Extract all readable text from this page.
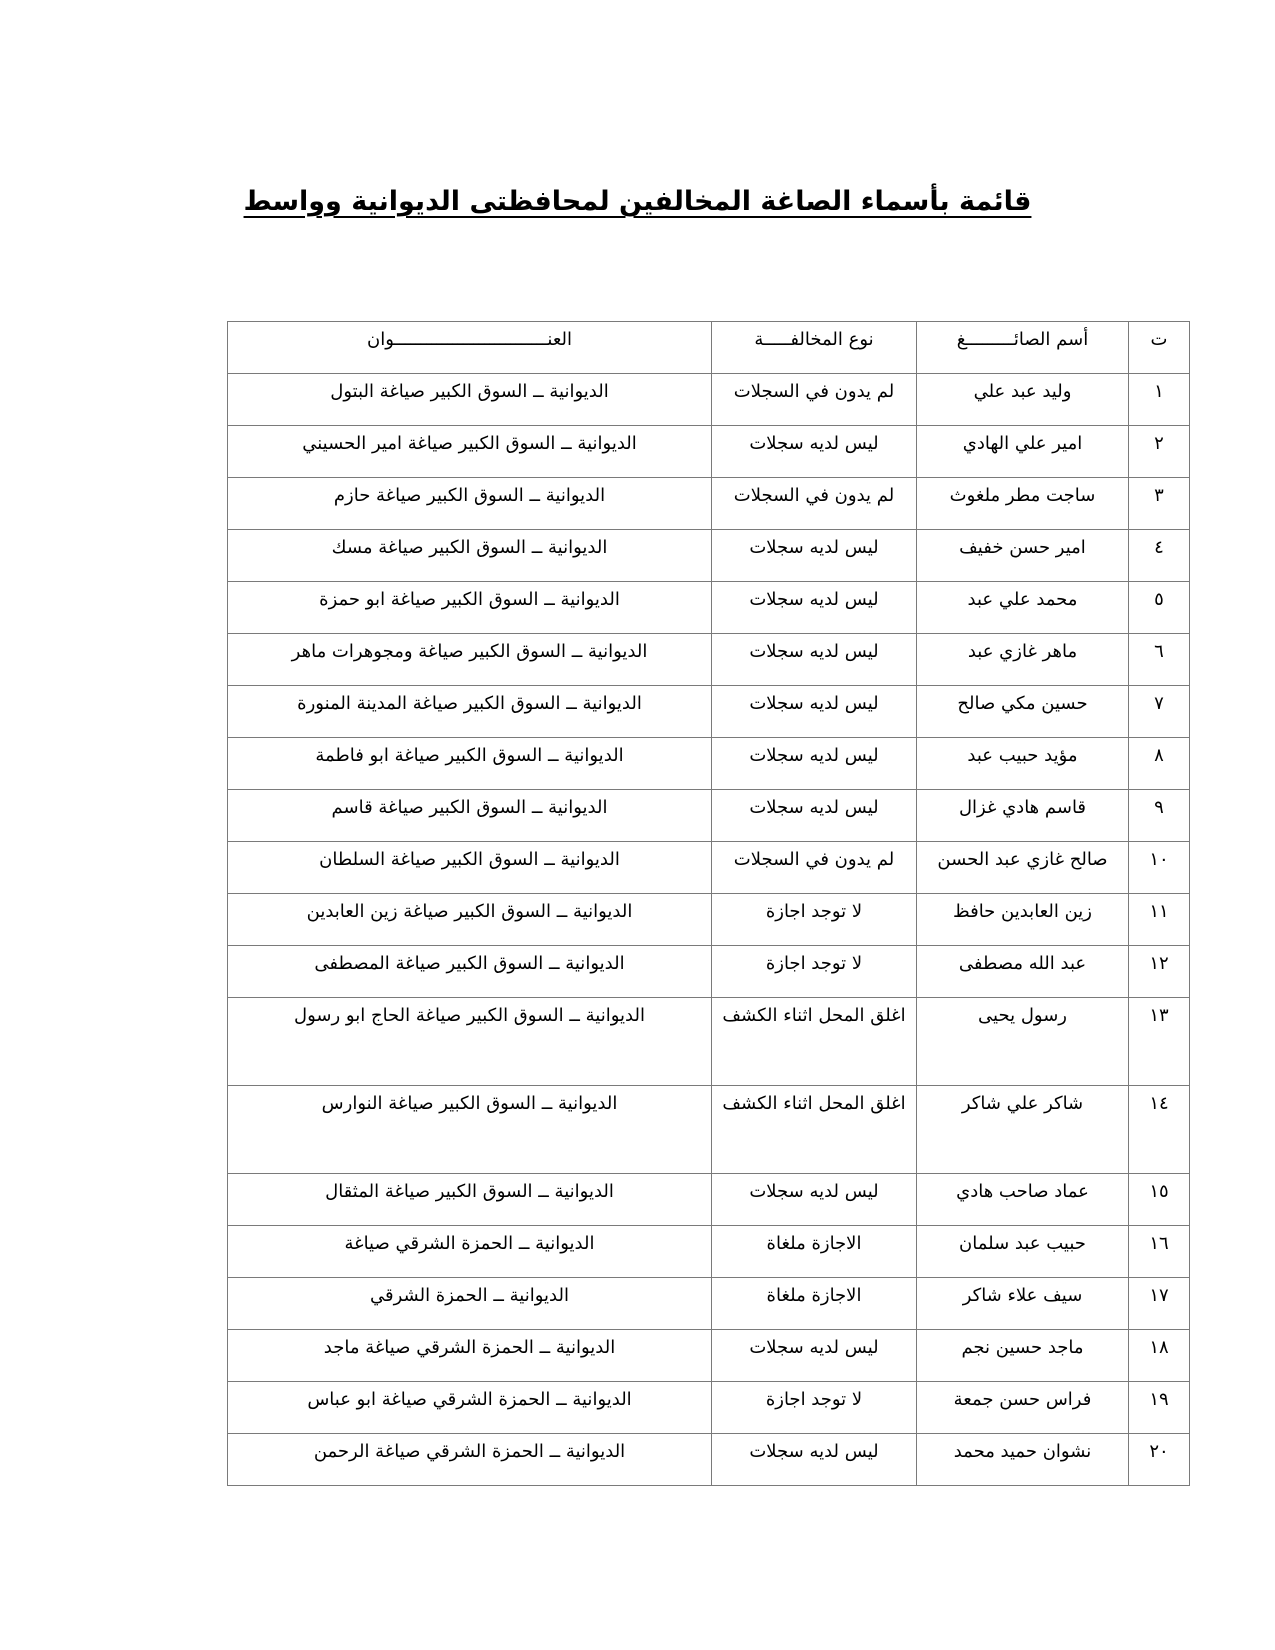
قائمة بأسماء الصاغة المخالفين لمحافظتى الديوانية وواسط
ت	أسم الصائـــــــــغ	نوع المخالفـــــة	العنـــــــــــــــــــــــــــــوان
١	وليد عبد علي	لم يدون في السجلات	الديوانية ــ السوق الكبير صياغة البتول
٢	امير علي الهادي	ليس لديه سجلات	الديوانية ــ السوق الكبير صياغة امير الحسيني
٣	ساجت مطر ملغوث	لم يدون في السجلات	الديوانية ــ السوق الكبير صياغة حازم
٤	امير حسن خفيف	ليس لديه سجلات	الديوانية ــ السوق الكبير صياغة مسك
٥	محمد علي عبد	ليس لديه سجلات	الديوانية ــ السوق الكبير صياغة ابو حمزة
٦	ماهر غازي عبد	ليس لديه سجلات	الديوانية ــ السوق الكبير صياغة ومجوهرات ماهر
٧	حسين مكي صالح	ليس لديه سجلات	الديوانية ــ السوق الكبير صياغة المدينة المنورة
٨	مؤيد حبيب عبد	ليس لديه سجلات	الديوانية ــ السوق الكبير صياغة ابو فاطمة
٩	قاسم هادي غزال	ليس لديه سجلات	الديوانية ــ السوق الكبير صياغة قاسم
١٠	صالح غازي عبد الحسن	لم يدون في السجلات	الديوانية ــ السوق الكبير صياغة السلطان
١١	زين العابدين حافظ	لا توجد اجازة	الديوانية ــ السوق الكبير صياغة زين العابدين
١٢	عبد الله مصطفى	لا توجد اجازة	الديوانية ــ السوق الكبير صياغة المصطفى
١٣	رسول يحيى	اغلق المحل اثناء الكشف	الديوانية ــ السوق الكبير صياغة الحاج ابو رسول
١٤	شاكر علي شاكر	اغلق المحل اثناء الكشف	الديوانية ــ السوق الكبير صياغة النوارس
١٥	عماد صاحب هادي	ليس لديه سجلات	الديوانية ــ السوق الكبير صياغة المثقال
١٦	حبيب عبد سلمان	الاجازة ملغاة	الديوانية ــ الحمزة الشرقي صياغة
١٧	سيف علاء شاكر	الاجازة ملغاة	الديوانية ــ الحمزة الشرقي
١٨	ماجد حسين نجم	ليس لديه سجلات	الديوانية ــ الحمزة الشرقي صياغة ماجد
١٩	فراس حسن جمعة	لا توجد اجازة	الديوانية ــ الحمزة الشرقي صياغة ابو عباس
٢٠	نشوان حميد محمد	ليس لديه سجلات	الديوانية ــ الحمزة الشرقي صياغة الرحمن
